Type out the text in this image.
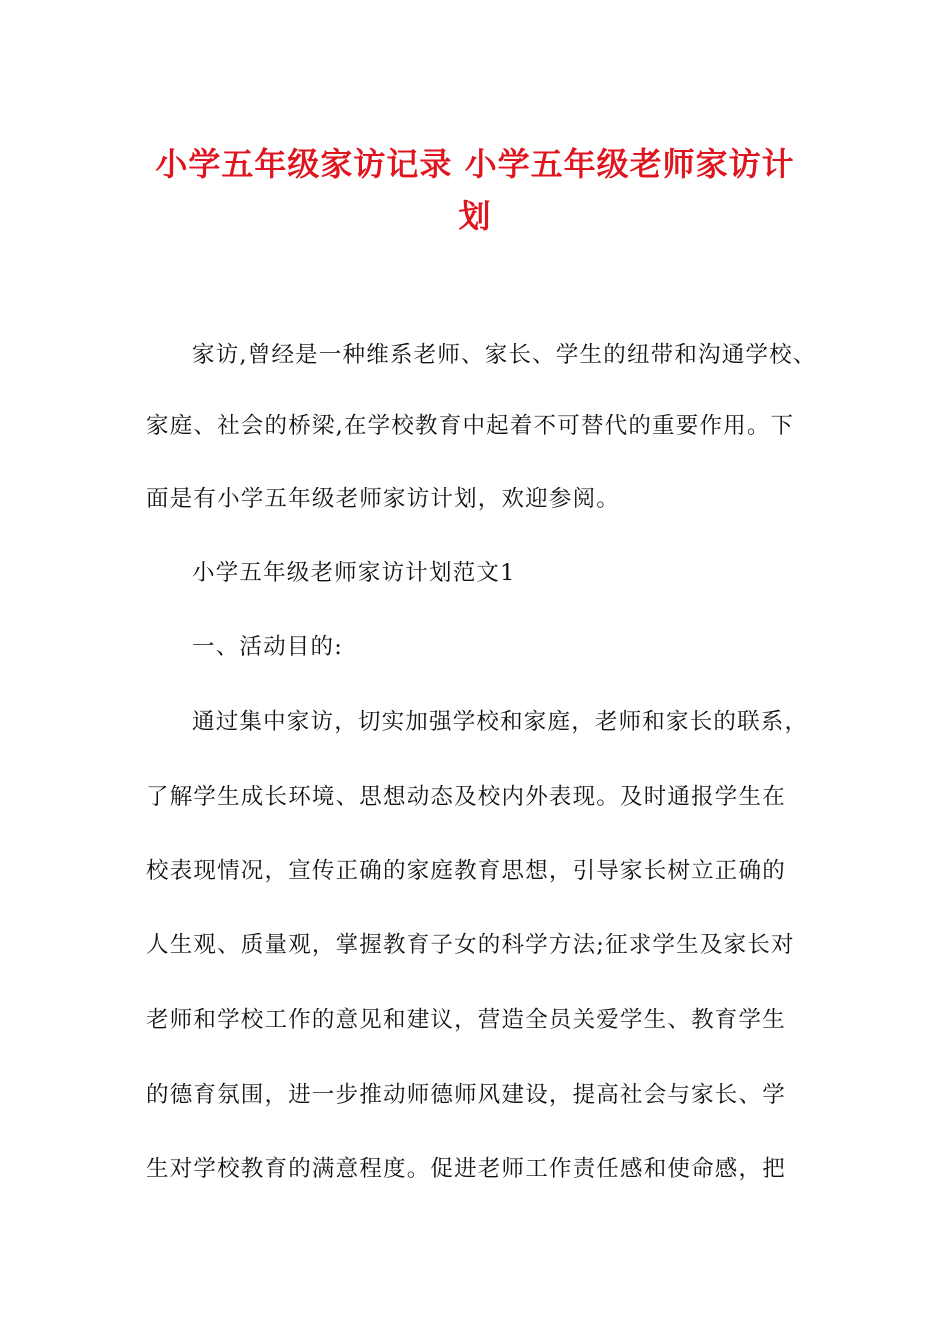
小学五年级家访记录 小学五年级老师家访计
划
家访,曾经是一种维系老师、家长、学生的纽带和沟通学校、
家庭、社会的桥梁,在学校教育中起着不可替代的重要作用。下
面是有小学五年级老师家访计划，欢迎参阅。
小学五年级老师家访计划范文1
一、活动目的:
通过集中家访，切实加强学校和家庭，老师和家长的联系，
了解学生成长环境、思想动态及校内外表现。及时通报学生在
校表现情况，宣传正确的家庭教育思想，引导家长树立正确的
人生观、质量观，掌握教育子女的科学方法;征求学生及家长对
老师和学校工作的意见和建议，营造全员关爱学生、教育学生
的德育氛围，进一步推动师德师风建设，提高社会与家长、学
生对学校教育的满意程度。促进老师工作责任感和使命感，把
